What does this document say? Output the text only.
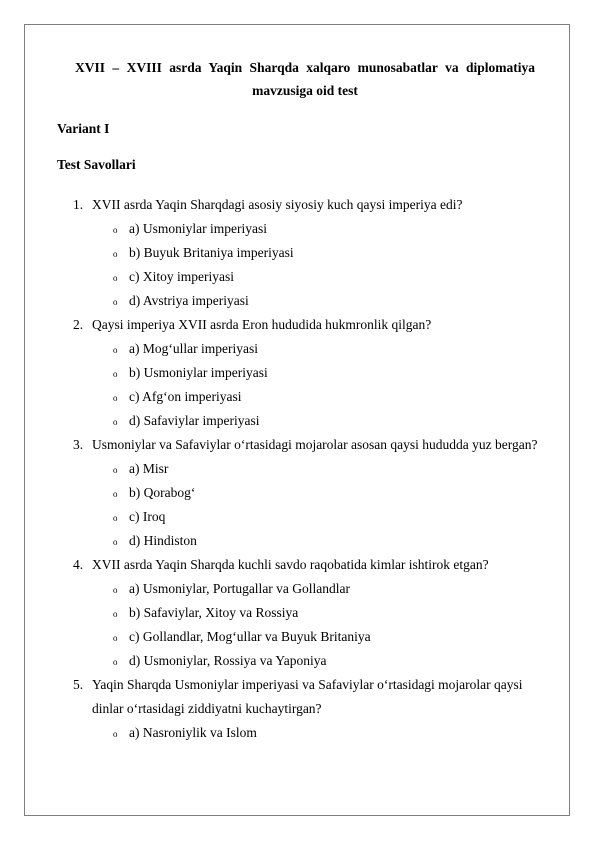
XVII – XVIII asrda Yaqin Sharqda xalqaro munosabatlar va diplomatiya
mavzusiga oid test
Variant I
Test Savollari
1. XVII asrda Yaqin Sharqdagi asosiy siyosiy kuch qaysi imperiya edi?
o a) Usmoniylar imperiyasi
o b) Buyuk Britaniya imperiyasi
o c) Xitoy imperiyasi
o d) Avstriya imperiyasi
2. Qaysi imperiya XVII asrda Eron hududida hukmronlik qilgan?
o a) Mog‘ullar imperiyasi
o b) Usmoniylar imperiyasi
o c) Afg‘on imperiyasi
o d) Safaviylar imperiyasi
3. Usmoniylar va Safaviylar o‘rtasidagi mojarolar asosan qaysi hududda yuz bergan?
o a) Misr
o b) Qorabog‘
o c) Iroq
o d) Hindiston
4. XVII asrda Yaqin Sharqda kuchli savdo raqobatida kimlar ishtirok etgan?
o a) Usmoniylar, Portugallar va Gollandlar
o b) Safaviylar, Xitoy va Rossiya
o c) Gollandlar, Mog‘ullar va Buyuk Britaniya
o d) Usmoniylar, Rossiya va Yaponiya
5. Yaqin Sharqda Usmoniylar imperiyasi va Safaviylar o‘rtasidagi mojarolar qaysi dinlar o‘rtasidagi ziddiyatni kuchaytirgan?
o a) Nasroniylik va Islom
